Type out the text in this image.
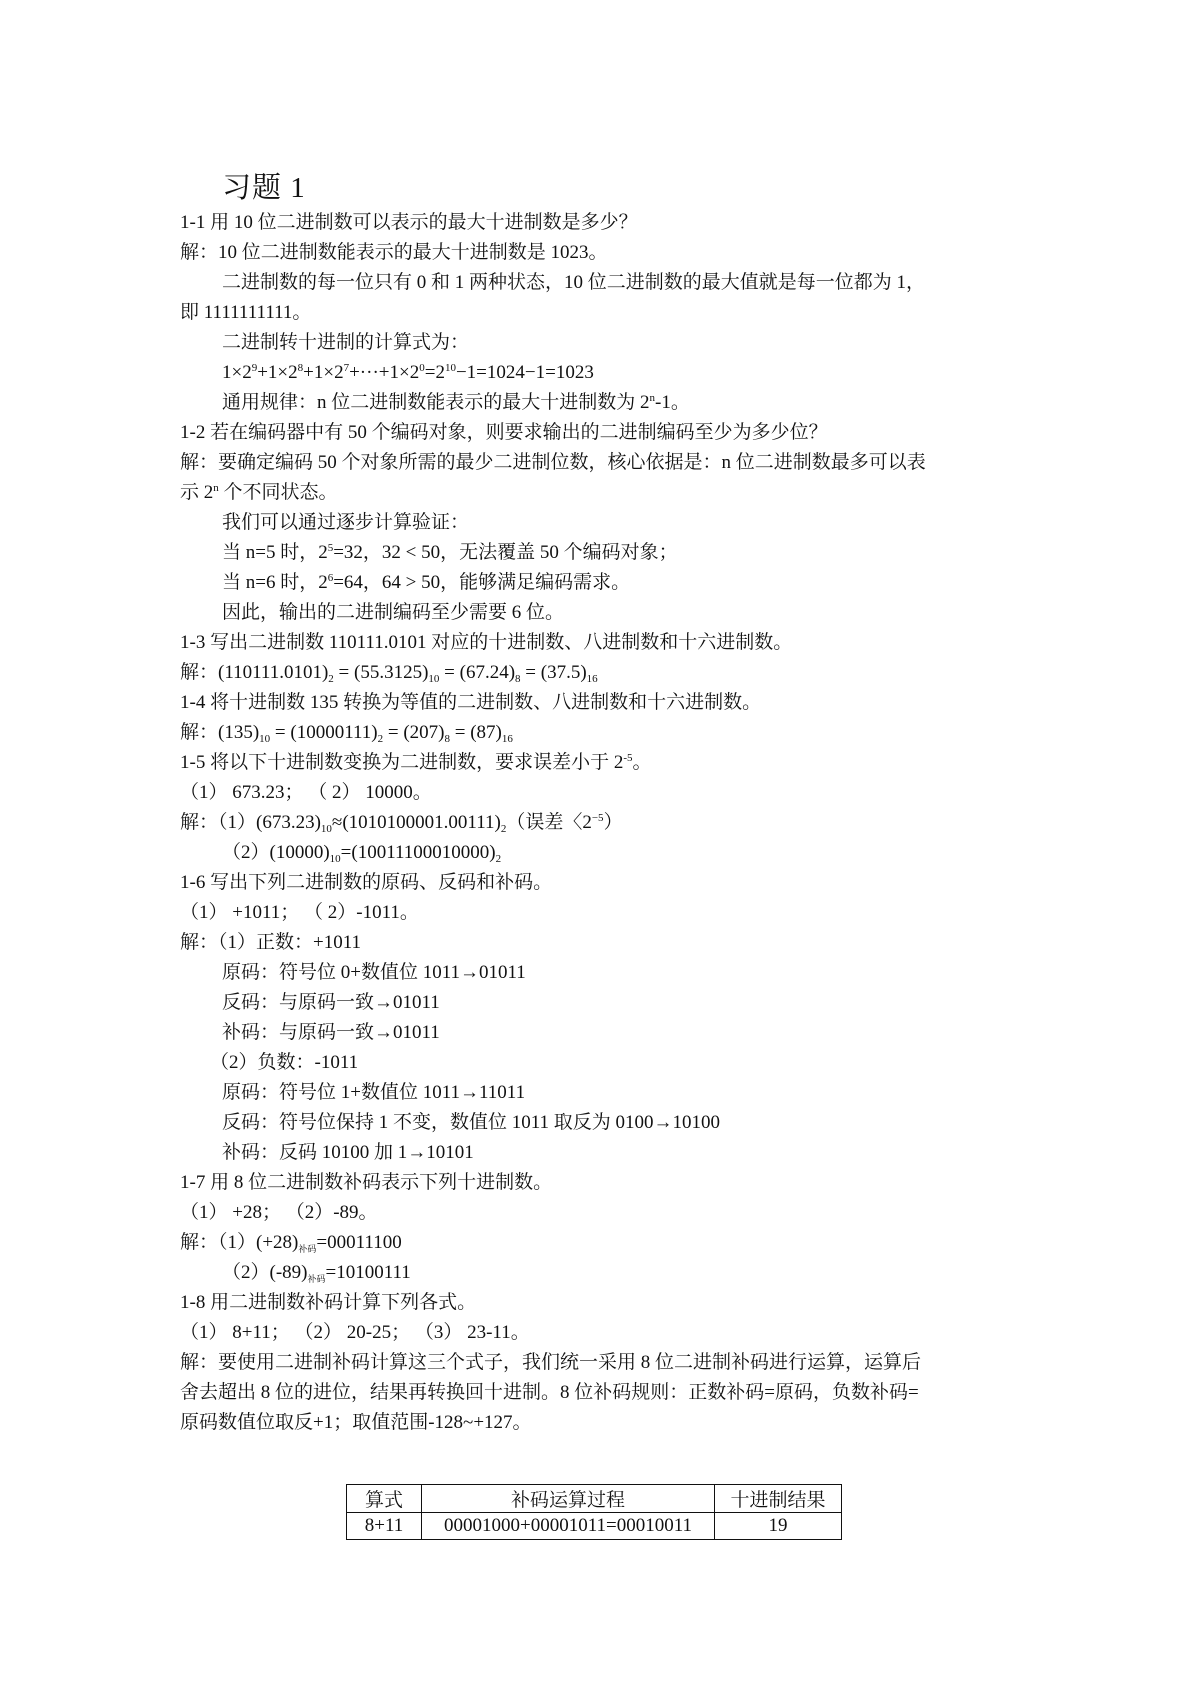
习题 1
1-1 用 10 位二进制数可以表示的最大十进制数是多少？
解：10 位二进制数能表示的最大十进制数是 1023。
二进制数的每一位只有 0 和 1 两种状态，10 位二进制数的最大值就是每一位都为 1，
即 1111111111。
二进制转十进制的计算式为：
$1\times 2^9+1\times 2^8+1\times 2^7+\cdot\cdot\cdot+1\times 2^0=2^{10}-1=1024-1=1023$
通用规律：n 位二进制数能表示的最大十进制数为 2$^n$-1。
1-2 若在编码器中有 50 个编码对象，则要求输出的二进制编码至少为多少位？
解：要确定编码 50 个对象所需的最少二进制位数，核心依据是：n 位二进制数最多可以表
示 2$^n$ 个不同状态。
我们可以通过逐步计算验证：
当 n=5 时，$2^5=32$，32 < 50，无法覆盖 50 个编码对象；
当 n=6 时，$2^6=64$，64 > 50，能够满足编码需求。
因此，输出的二进制编码至少需要 6 位。
1-3 写出二进制数 110111.0101 对应的十进制数、八进制数和十六进制数。
解：$(110111.0101)_2 = (55.3125)_{10} = (67.24)_8 = (37.5)_{16}$
1-4 将十进制数 135 转换为等值的二进制数、八进制数和十六进制数。
解：$(135)_{10} = (10000111)_2 = (207)_8 = (87)_{16}$
1-5 将以下十进制数变换为二进制数，要求误差小于 $2^{-5}$。
（1） 673.23； （ 2） 10000。
解：$(1)(673.23)_{10}\approx(1010100001.00111)_2$（误差〈$2^{-5}$）
$(2)(10000)_{10}=(10011100010000)_2$
1-6 写出下列二进制数的原码、反码和补码。
（1） +1011； （ 2）-1011。
解：（1）正数：+1011
原码：符号位 0+数值位 1011→01011
反码：与原码一致→01011
补码：与原码一致→01011
（2）负数：-1011
原码：符号位 1+数值位 1011→11011
反码：符号位保持 1 不变，数值位 1011 取反为 0100→10100
补码：反码 10100 加 1→10101
1-7 用 8 位二进制数补码表示下列十进制数。
（1） +28； （2）-89。
解：$(1)(+28)_{补码}=00011100$
$(2)(-89)_{补码}=10100111$
1-8 用二进制数补码计算下列各式。
（1） 8+11； （2） 20-25； （3） 23-11。
解：要使用二进制补码计算这三个式子，我们统一采用 8 位二进制补码进行运算，运算后
舍去超出 8 位的进位，结果再转换回十进制。8 位补码规则：正数补码=原码，负数补码=
原码数值位取反+1；取值范围-128~+127。
算式	补码运算过程	十进制结果
8+11	00001000+00001011=00010011	19
